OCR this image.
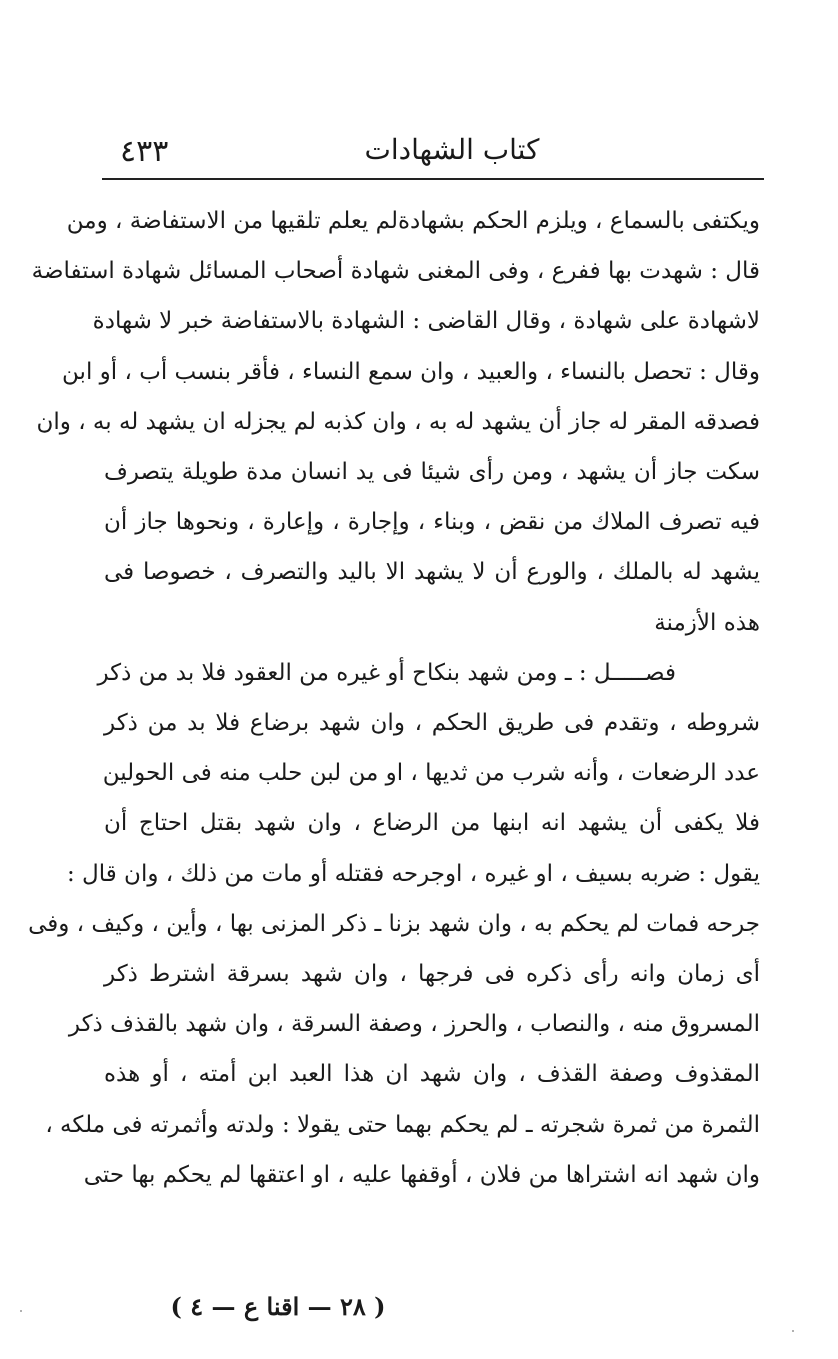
٤٣٣	كتاب الشهادات
ويكتفى بالسماع ، ويلزم الحكم بشهادةلم يعلم تلقيها من الاستفاضة ، ومن
قال : شهدت بها ففرع ، وفى المغنى شهادة أصحاب المسائل شهادة استفاضة
لاشهادة على شهادة ، وقال القاضى : الشهادة بالاستفاضة خبر لا شهادة
وقال : تحصل بالنساء ، والعبيد ، وان سمع النساء ، فأقر بنسب أب ، أو ابن
فصدقه المقر له جاز أن يشهد له به ، وان كذبه لم يجزله ان يشهد له به ، وان
سكت جاز أن يشهد ، ومن رأى شيئا فى يد انسان مدة طويلة يتصرف
فيه تصرف الملاك من نقض ، وبناء ، وإجارة ، وإعارة ، ونحوها جاز أن
يشهد له بالملك ، والورع أن لا يشهد الا باليد والتصرف ، خصوصا فى
هذه الأزمنة
فصـــــل : ـ ومن شهد بنكاح أو غيره من العقود فلا بد من ذكر
شروطه ، وتقدم فى طريق الحكم ، وان شهد برضاع فلا بد من ذكر
عدد الرضعات ، وأنه شرب من ثديها ، او من لبن حلب منه فى الحولين
فلا يكفى أن يشهد انه ابنها من الرضاع ، وان شهد بقتل احتاج أن
يقول : ضربه بسيف ، او غيره ، اوجرحه فقتله أو مات من ذلك ، وان قال :
جرحه فمات لم يحكم به ، وان شهد بزنا ـ ذكر المزنى بها ، وأين ، وكيف ، وفى
أى زمان وانه رأى ذكره فى فرجها ، وان شهد بسرقة اشترط ذكر
المسروق منه ، والنصاب ، والحرز ، وصفة السرقة ، وان شهد بالقذف ذكر
المقذوف وصفة القذف ، وان شهد ان هذا العبد ابن أمته ، أو هذه
الثمرة من ثمرة شجرته ـ لم يحكم بهما حتى يقولا : ولدته وأثمرته فى ملكه ،
وان شهد انه اشتراها من فلان ، أوقفها عليه ، او اعتقها لم يحكم بها حتى
( ٢٨ — اقنا ع — ٤ )
